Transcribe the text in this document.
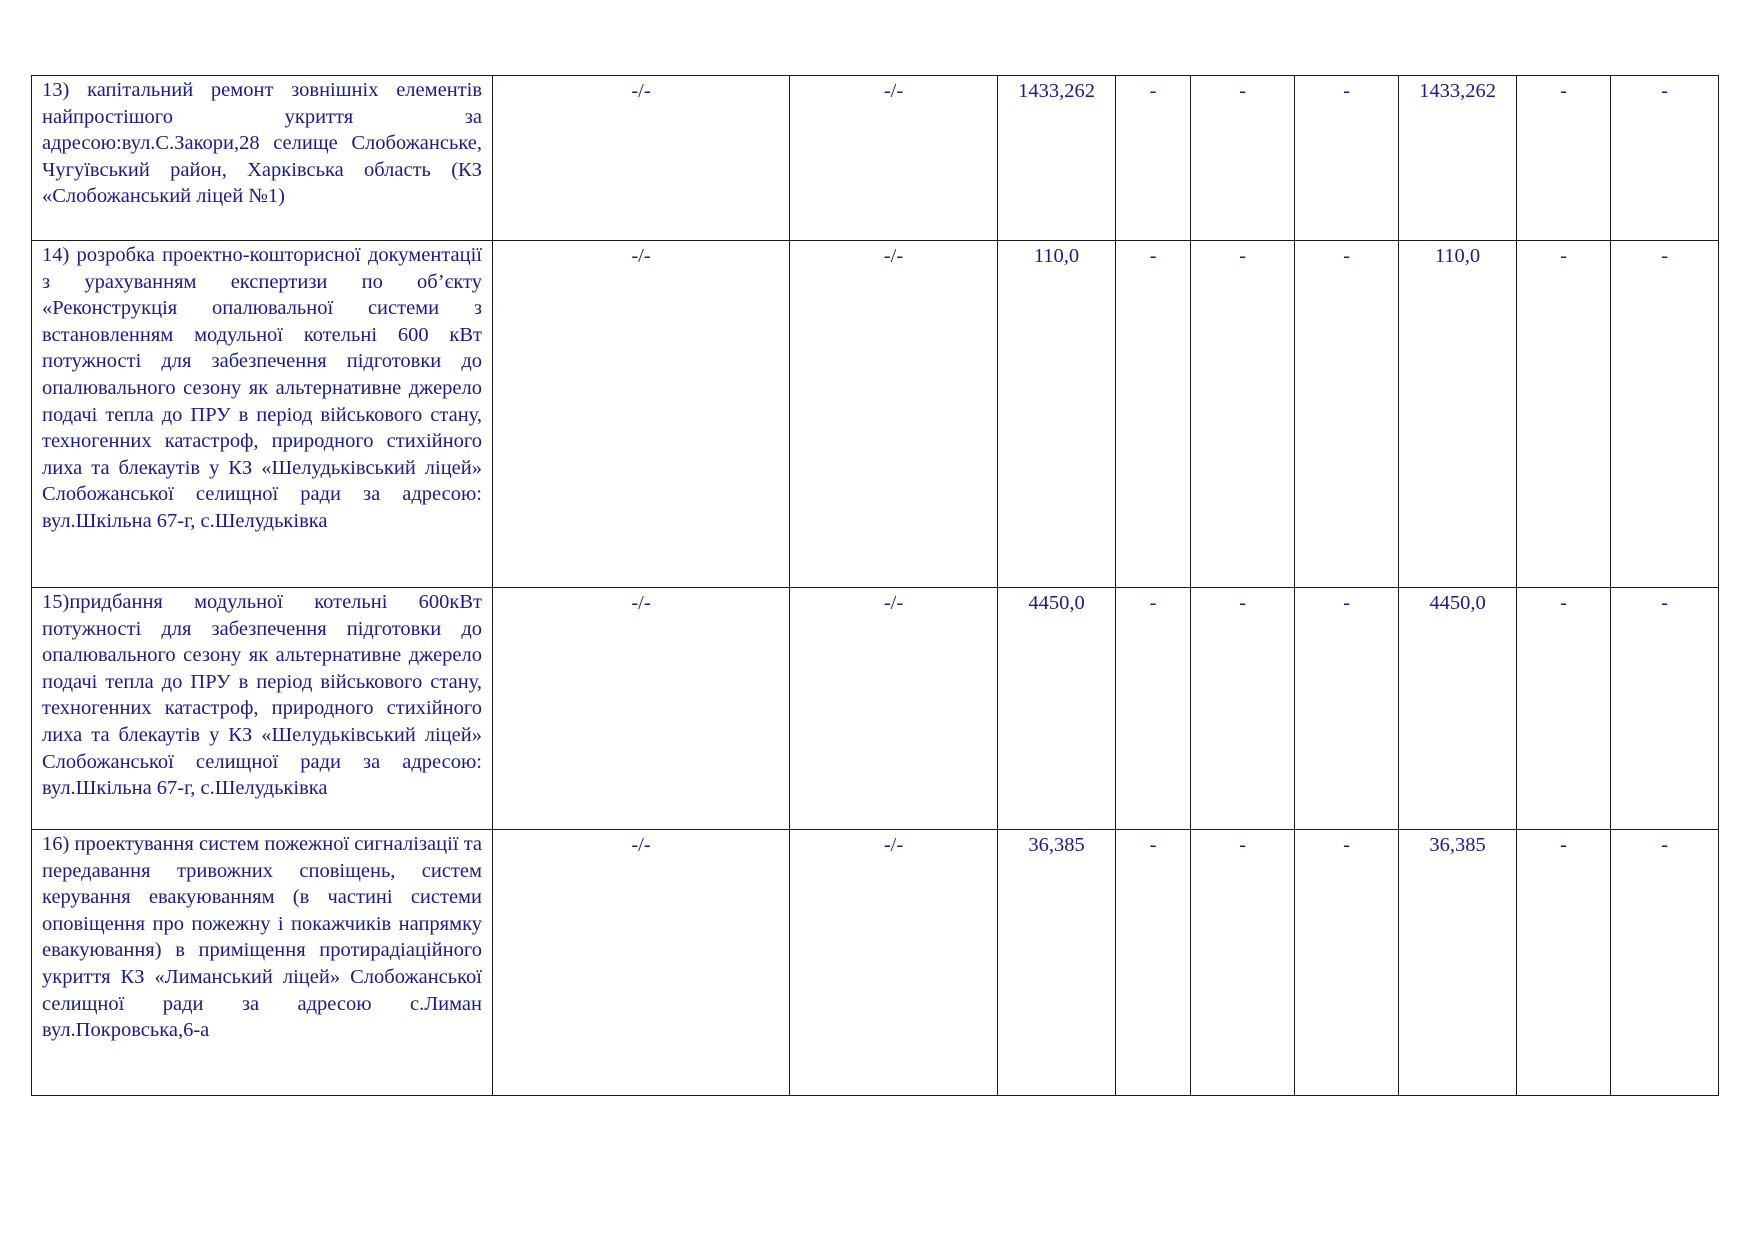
13) капітальний ремонт зовнішніх елементів найпростішого укриття за адресою:вул.С.Закори,28 селище Слобожанське, Чугуївський район, Харківська область (КЗ «Слобожанський ліцей №1)	-/-	-/-	1433,262	-	-	-	1433,262	-	-
14) розробка проектно-кошторисної документації з урахуванням експертизи по об’єкту «Реконструкція опалювальної системи з встановленням модульної котельні 600 кВт потужності для забезпечення підготовки до опалювального сезону як альтернативне джерело подачі тепла до ПРУ в період військового стану, техногенних катастроф, природного стихійного лиха та блекаутів у КЗ «Шелудьківський ліцей» Слобожанської селищної ради за адресою: вул.Шкільна 67-г, с.Шелудьківка	-/-	-/-	110,0	-	-	-	110,0	-	-
15)придбання модульної котельні 600кВт потужності для забезпечення підготовки до опалювального сезону як альтернативне джерело подачі тепла до ПРУ в період військового стану, техногенних катастроф, природного стихійного лиха та блекаутів у КЗ «Шелудьківський ліцей» Слобожанської селищної ради за адресою: вул.Шкільна 67-г, с.Шелудьківка	-/-	-/-	4450,0	-	-	-	4450,0	-	-
16) проектування систем пожежної сигналізації та передавання тривожних сповіщень, систем керування евакуюванням (в частині системи оповіщення про пожежну і покажчиків напрямку евакуювання) в приміщення протирадіаційного укриття КЗ «Лиманський ліцей» Слобожанської селищної ради за адресою с.Лиман вул.Покровська,6-а	-/-	-/-	36,385	-	-	-	36,385	-	-
